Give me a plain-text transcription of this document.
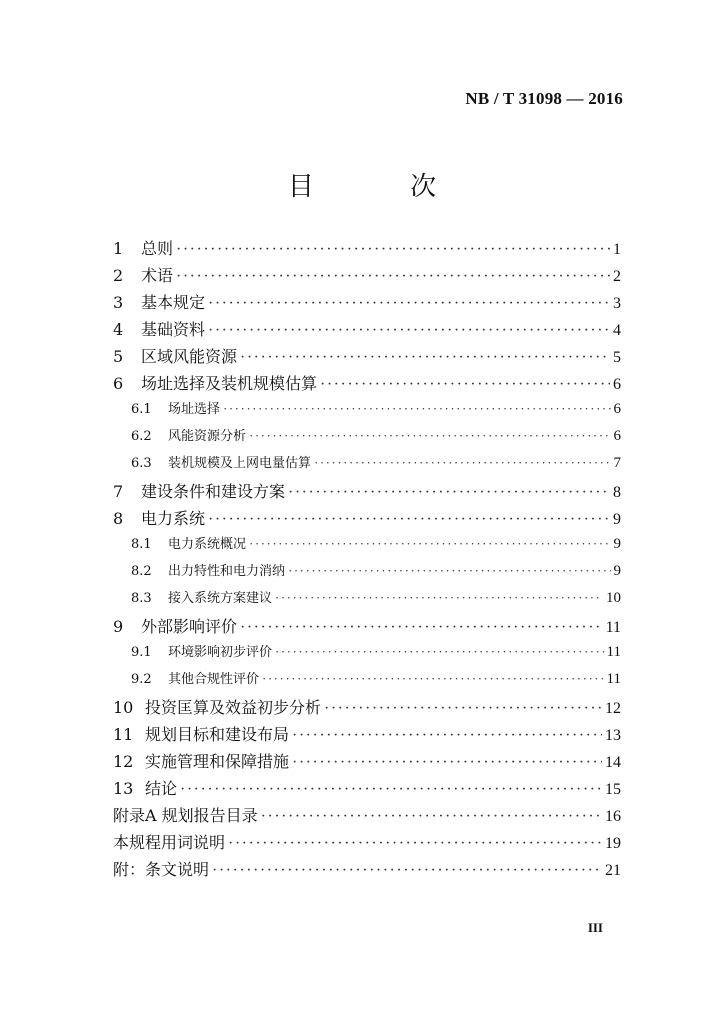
NB / T 31098 — 2016
目 次
1	总则 ·····	1
2	术语 ·····	2
3	基本规定 ·····	3
4	基础资料 ·····	4
5	区域风能资源 ·····	5
6	场址选择及装机规模估算 ·····	6
6.1	场址选择 ·····	6
6.2	风能资源分析 ·····	6
6.3	装机规模及上网电量估算 ·····	7
7	建设条件和建设方案 ·····	8
8	电力系统 ·····	9
8.1	电力系统概况 ·····	9
8.2	出力特性和电力消纳 ·····	9
8.3	接入系统方案建议 ·····	10
9	外部影响评价 ·····	11
9.1	环境影响初步评价 ·····	11
9.2	其他合规性评价 ·····	11
10 投资匡算及效益初步分析 ·····	12
11 规划目标和建设布局 ·····	13
12 实施管理和保障措施 ·····	14
13 结论 ·····	15
附录A 规划报告目录 ·····	16
本规程用词说明 ·····	19
附：条文说明 ·····	21
III
